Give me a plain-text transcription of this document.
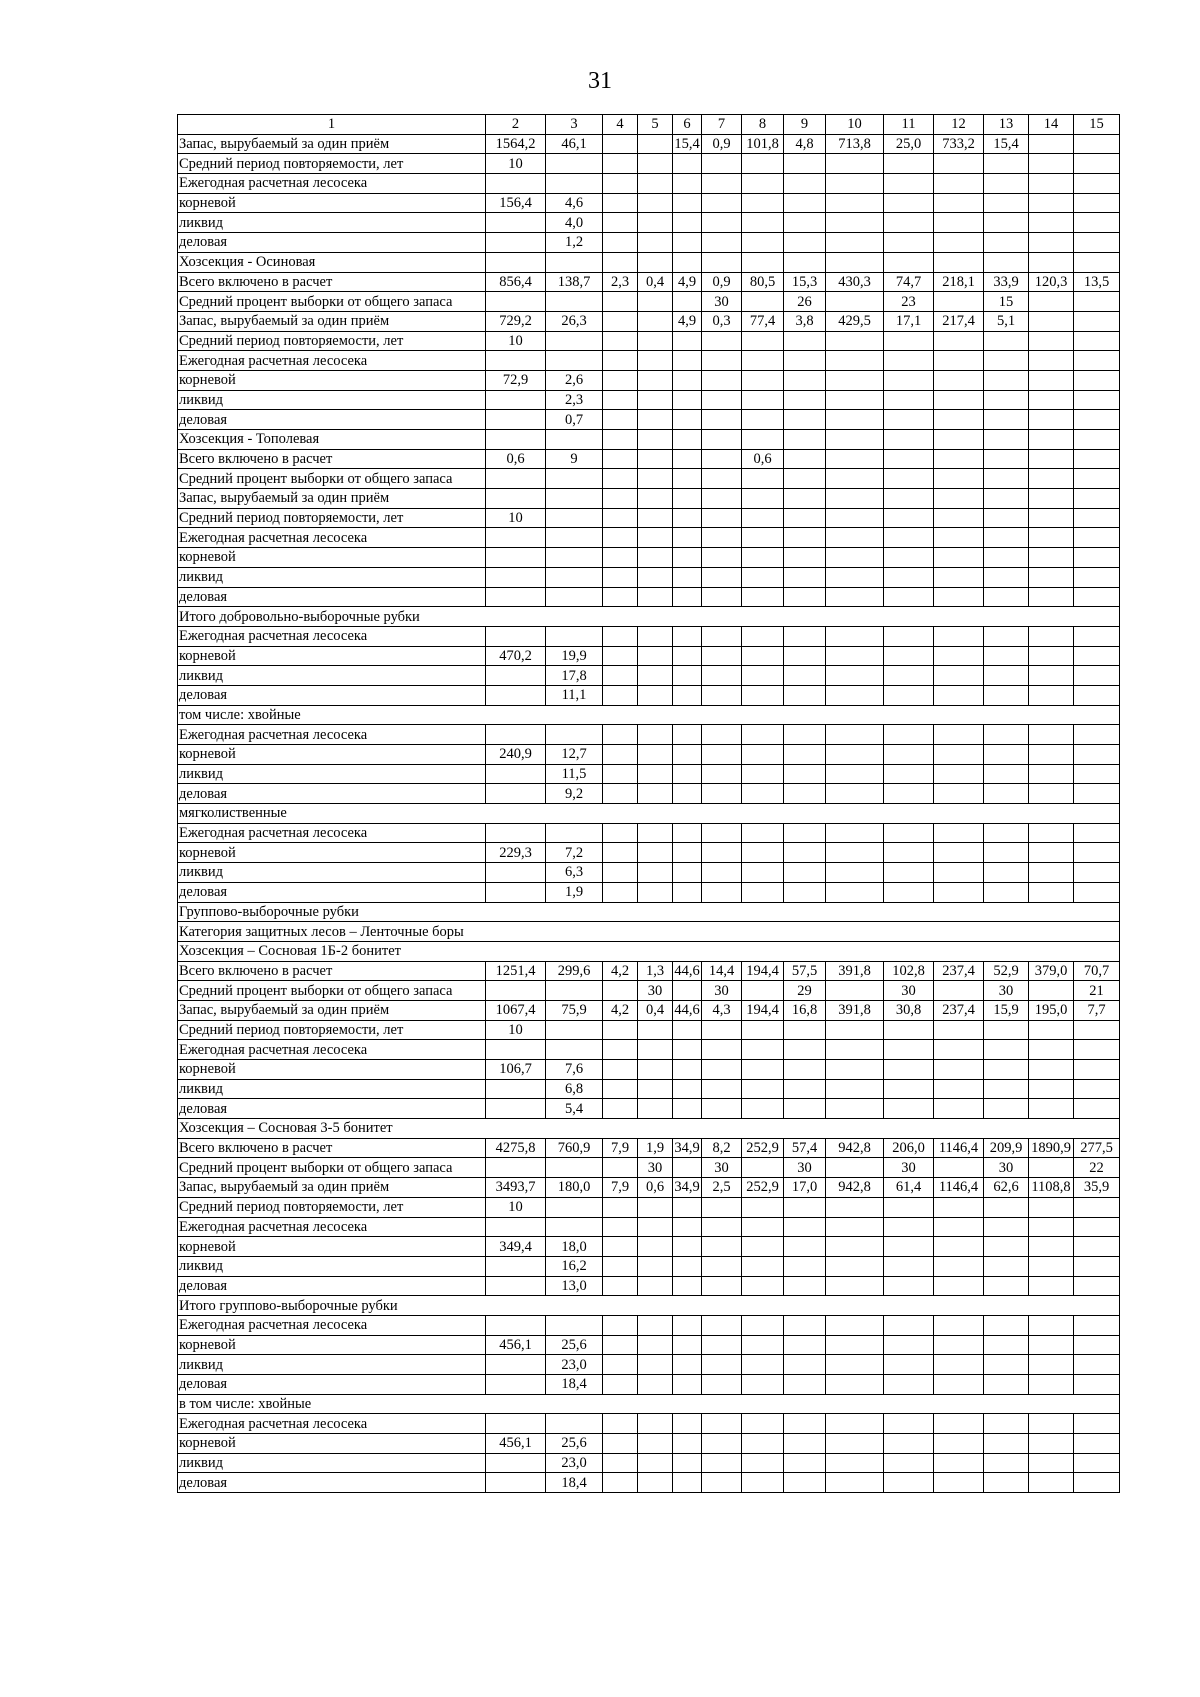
31
1	2	3	4	5	6	7	8	9	10	11	12	13	14	15
Запас, вырубаемый за один приём	1564,2	46,1			15,4	0,9	101,8	4,8	713,8	25,0	733,2	15,4		
Средний период повторяемости, лет	10													
Ежегодная расчетная лесосека														
корневой	156,4	4,6												
ликвид		4,0												
деловая		1,2												
Хозсекция - Осиновая														
Всего включено в расчет	856,4	138,7	2,3	0,4	4,9	0,9	80,5	15,3	430,3	74,7	218,1	33,9	120,3	13,5
Средний процент выборки от общего запаса						30		26		23		15		
Запас, вырубаемый за один приём	729,2	26,3			4,9	0,3	77,4	3,8	429,5	17,1	217,4	5,1		
Средний период повторяемости, лет	10													
Ежегодная расчетная лесосека														
корневой	72,9	2,6												
ликвид		2,3												
деловая		0,7												
Хозсекция - Тополевая														
Всего включено в расчет	0,6	9					0,6							
Средний процент выборки от общего запаса														
Запас, вырубаемый за один приём														
Средний период повторяемости, лет	10													
Ежегодная расчетная лесосека														
корневой														
ликвид														
деловая														
Итого добровольно-выборочные рубки														
Ежегодная расчетная лесосека														
корневой	470,2	19,9												
ликвид		17,8												
деловая		11,1												
том числе: хвойные														
Ежегодная расчетная лесосека														
корневой	240,9	12,7												
ликвид		11,5												
деловая		9,2												
мягколиственные														
Ежегодная расчетная лесосека														
корневой	229,3	7,2												
ликвид		6,3												
деловая		1,9												
Группово-выборочные рубки														
Категория защитных лесов – Ленточные боры														
Хозсекция – Сосновая 1Б-2 бонитет														
Всего включено в расчет	1251,4	299,6	4,2	1,3	44,6	14,4	194,4	57,5	391,8	102,8	237,4	52,9	379,0	70,7
Средний процент выборки от общего запаса				30		30		29		30		30		21
Запас, вырубаемый за один приём	1067,4	75,9	4,2	0,4	44,6	4,3	194,4	16,8	391,8	30,8	237,4	15,9	195,0	7,7
Средний период повторяемости, лет	10													
Ежегодная расчетная лесосека														
корневой	106,7	7,6												
ликвид		6,8												
деловая		5,4												
Хозсекция – Сосновая 3-5 бонитет														
Всего включено в расчет	4275,8	760,9	7,9	1,9	34,9	8,2	252,9	57,4	942,8	206,0	1146,4	209,9	1890,9	277,5
Средний процент выборки от общего запаса				30		30		30		30		30		22
Запас, вырубаемый за один приём	3493,7	180,0	7,9	0,6	34,9	2,5	252,9	17,0	942,8	61,4	1146,4	62,6	1108,8	35,9
Средний период повторяемости, лет	10													
Ежегодная расчетная лесосека														
корневой	349,4	18,0												
ликвид		16,2												
деловая		13,0												
Итого группово-выборочные рубки														
Ежегодная расчетная лесосека														
корневой	456,1	25,6												
ликвид		23,0												
деловая		18,4												
в том числе: хвойные														
Ежегодная расчетная лесосека														
корневой	456,1	25,6												
ликвид		23,0												
деловая		18,4												
